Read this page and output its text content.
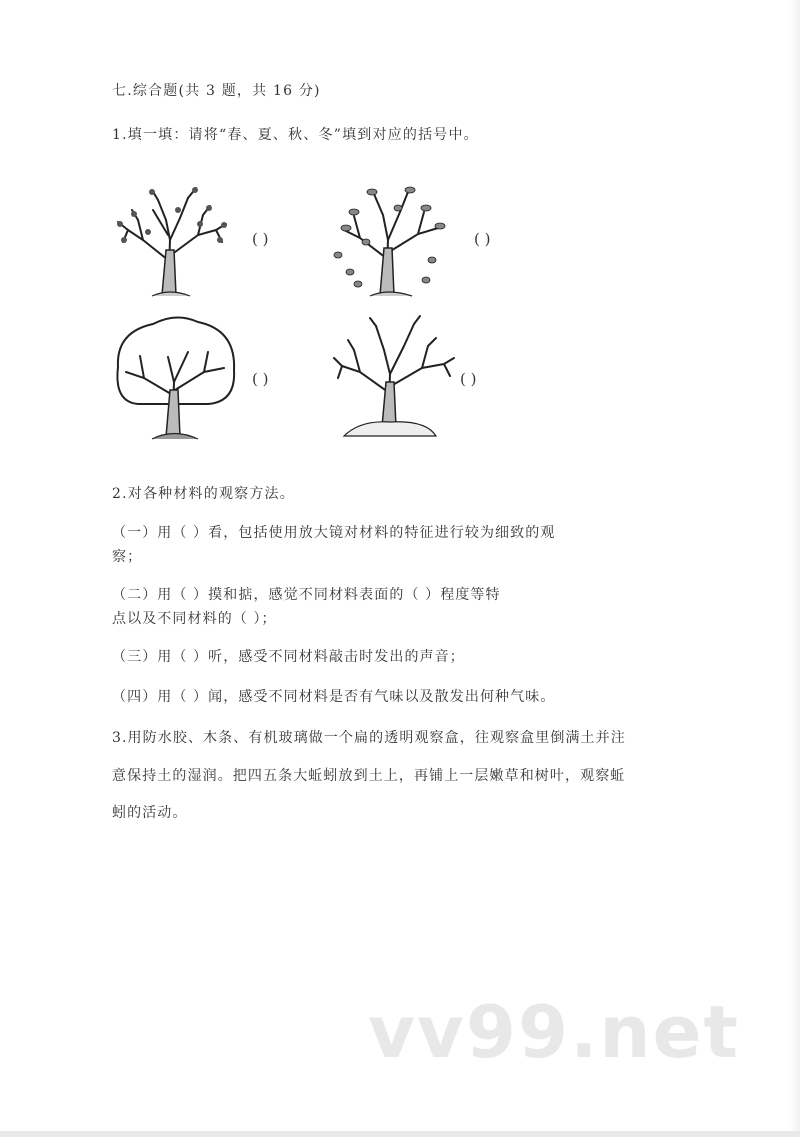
七.综合题(共 3 题，共 16 分)
1.填一填：请将“春、夏、秋、冬”填到对应的括号中。
( )	( )
( )	( )
2.对各种材料的观察方法。
（一）用（ ）看，包括使用放大镜对材料的特征进行较为细致的观
察；
（二）用（ ）摸和掂，感觉不同材料表面的（ ）程度等特
点以及不同材料的（ ）；
（三）用（ ）听，感受不同材料敲击时发出的声音；
（四）用（ ）闻，感受不同材料是否有气味以及散发出何种气味。
3.用防水胶、木条、有机玻璃做一个扁的透明观察盒，往观察盒里倒满土并注
意保持土的湿润。把四五条大蚯蚓放到土上，再铺上一层嫩草和树叶，观察蚯
蚓的活动。
vv99.net
